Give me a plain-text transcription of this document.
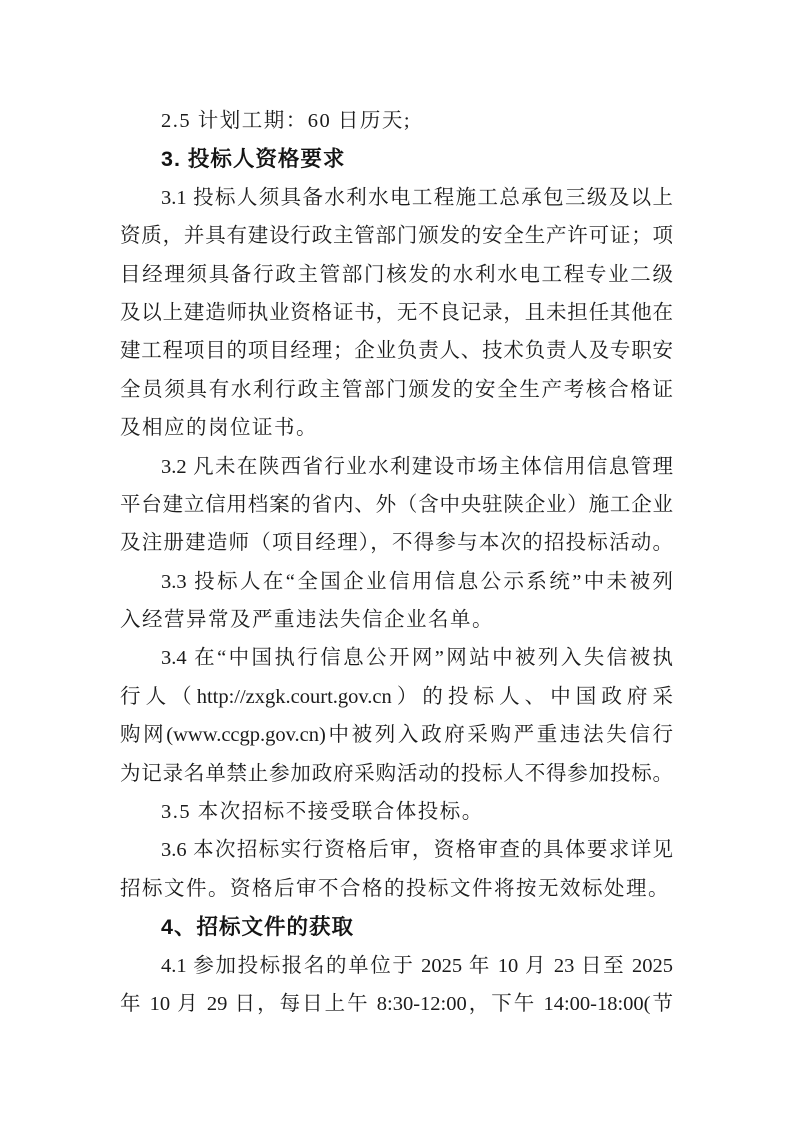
2.5 计划工期：60 日历天;
3. 投标人资格要求
3.1 投标人须具备水利水电工程施工总承包三级及以上
资质，并具有建设行政主管部门颁发的安全生产许可证；项
目经理须具备行政主管部门核发的水利水电工程专业二级
及以上建造师执业资格证书，无不良记录，且未担任其他在
建工程项目的项目经理；企业负责人、技术负责人及专职安
全员须具有水利行政主管部门颁发的安全生产考核合格证
及相应的岗位证书。
3.2 凡未在陕西省行业水利建设市场主体信用信息管理
平台建立信用档案的省内、外（含中央驻陕企业）施工企业
及注册建造师（项目经理），不得参与本次的招投标活动。
3.3 投标人在“全国企业信用信息公示系统”中未被列
入经营异常及严重违法失信企业名单。
3.4 在“中国执行信息公开网”网站中被列入失信被执
行人（http://zxgk.court.gov.cn）的投标人、中国政府采
购网(www.ccgp.gov.cn)中被列入政府采购严重违法失信行
为记录名单禁止参加政府采购活动的投标人不得参加投标。
3.5 本次招标不接受联合体投标。
3.6 本次招标实行资格后审，资格审查的具体要求详见
招标文件。资格后审不合格的投标文件将按无效标处理。
4、招标文件的获取
4.1 参加投标报名的单位于 2025 年 10 月 23 日至 2025
年 10 月 29 日，每日上午 8:30-12:00，下午 14:00-18:00(节
